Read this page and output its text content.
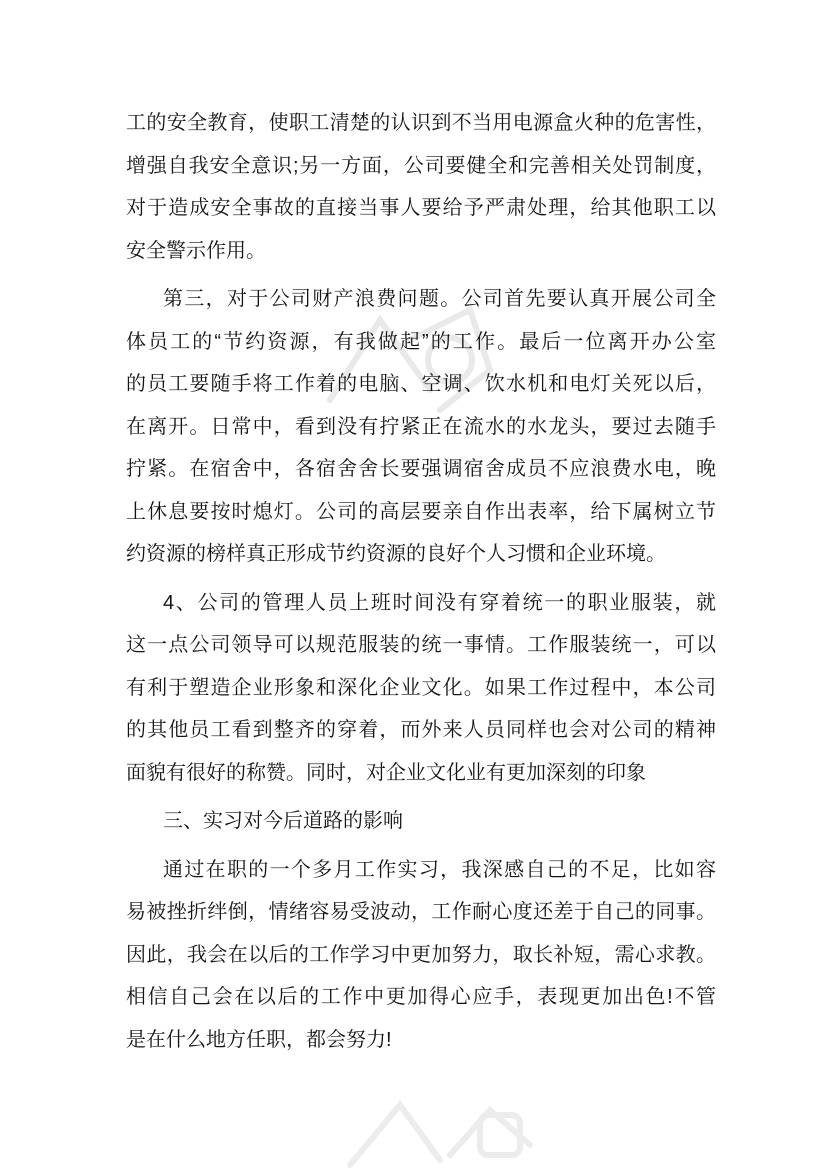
工的安全教育，使职工清楚的认识到不当用电源盒火种的危害性，
增强自我安全意识;另一方面，公司要健全和完善相关处罚制度，
对于造成安全事故的直接当事人要给予严肃处理，给其他职工以
安全警示作用。
第三，对于公司财产浪费问题。公司首先要认真开展公司全
体员工的“节约资源，有我做起”的工作。最后一位离开办公室
的员工要随手将工作着的电脑、空调、饮水机和电灯关死以后，
在离开。日常中，看到没有拧紧正在流水的水龙头，要过去随手
拧紧。在宿舍中，各宿舍舍长要强调宿舍成员不应浪费水电，晚
上休息要按时熄灯。公司的高层要亲自作出表率，给下属树立节
约资源的榜样真正形成节约资源的良好个人习惯和企业环境。
4、公司的管理人员上班时间没有穿着统一的职业服装，就
这一点公司领导可以规范服装的统一事情。工作服装统一，可以
有利于塑造企业形象和深化企业文化。如果工作过程中，本公司
的其他员工看到整齐的穿着，而外来人员同样也会对公司的精神
面貌有很好的称赞。同时，对企业文化业有更加深刻的印象
三、实习对今后道路的影响
通过在职的一个多月工作实习，我深感自己的不足，比如容
易被挫折绊倒，情绪容易受波动，工作耐心度还差于自己的同事。
因此，我会在以后的工作学习中更加努力，取长补短，需心求教。
相信自己会在以后的工作中更加得心应手，表现更加出色!不管
是在什么地方任职，都会努力!
